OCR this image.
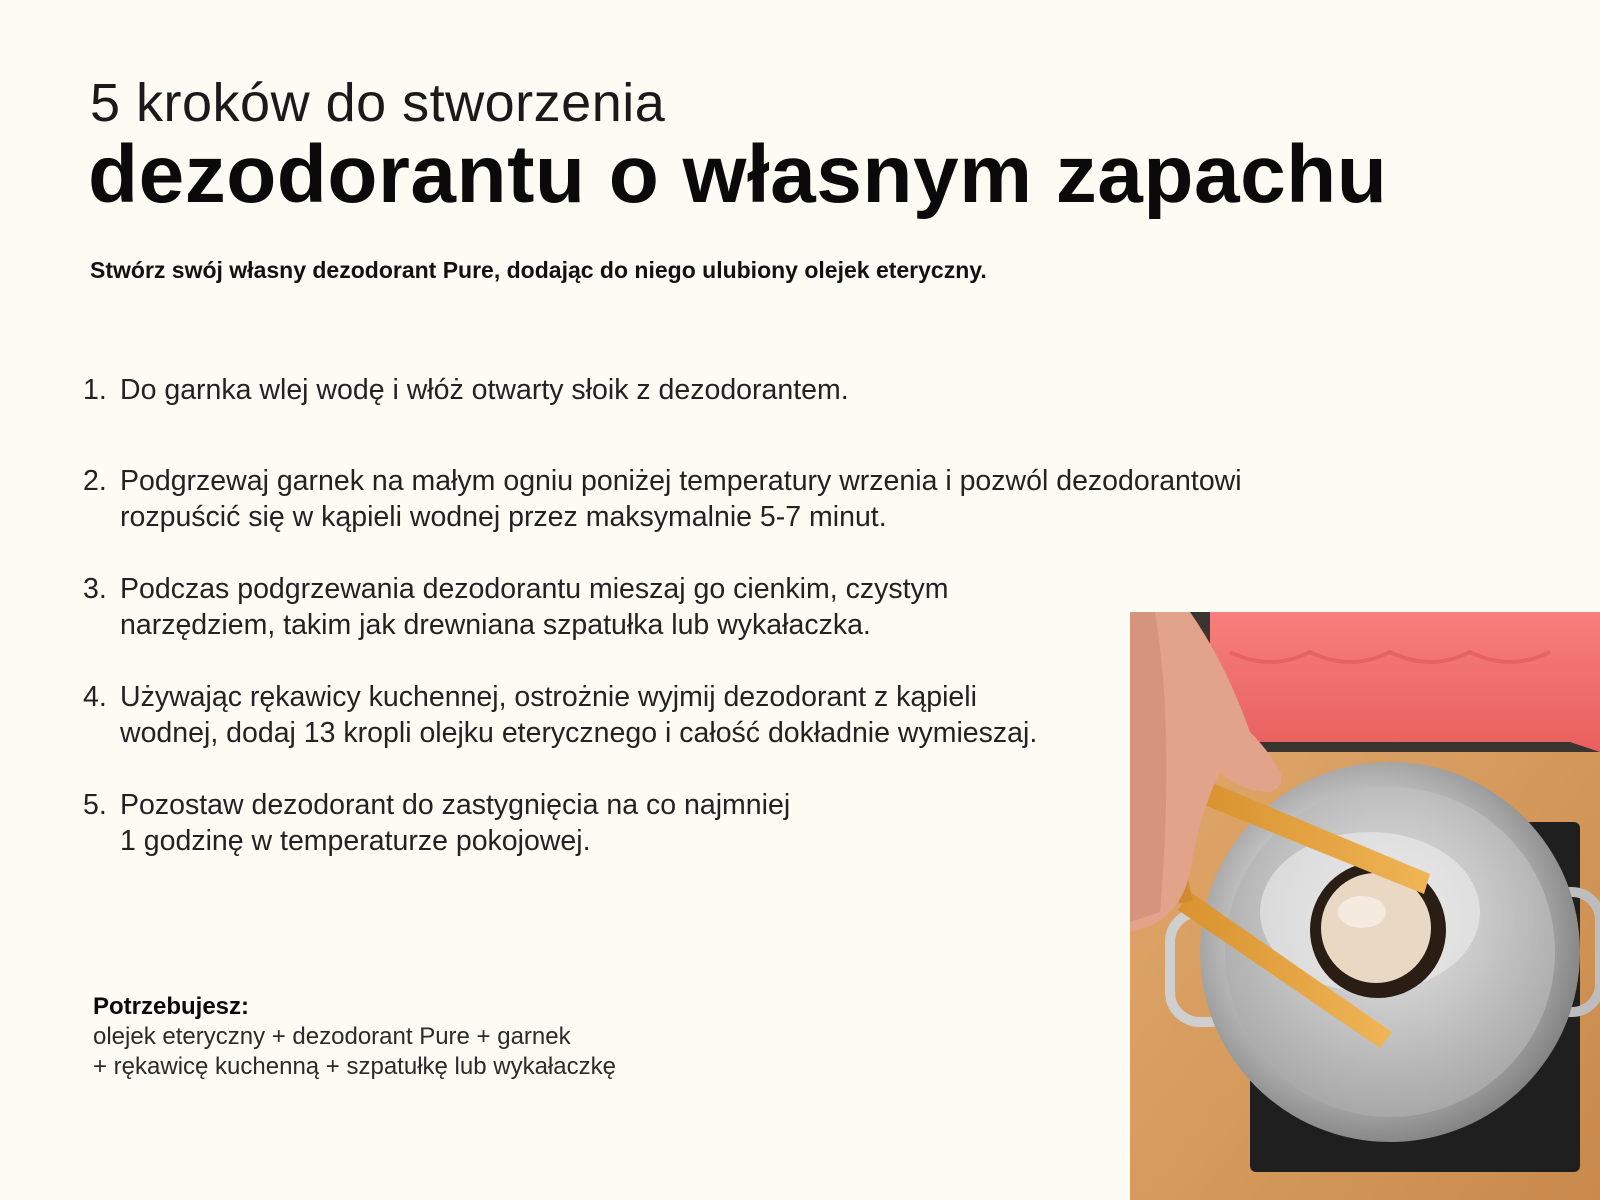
5 kroków do stworzenia
dezodorantu o własnym zapachu

Stwórz swój własny dezodorant Pure, dodając do niego ulubiony olejek eteryczny.

1. Do garnka wlej wodę i włóż otwarty słoik z dezodorantem.
2. Podgrzewaj garnek na małym ogniu poniżej temperatury wrzenia i pozwól dezodorantowi
rozpuścić się w kąpieli wodnej przez maksymalnie 5-7 minut.
3. Podczas podgrzewania dezodorantu mieszaj go cienkim, czystym
narzędziem, takim jak drewniana szpatułka lub wykałaczka.
4. Używając rękawicy kuchennej, ostrożnie wyjmij dezodorant z kąpieli
wodnej, dodaj 13 kropli olejku eterycznego i całość dokładnie wymieszaj.
5. Pozostaw dezodorant do zastygnięcia na co najmniej
1 godzinę w temperaturze pokojowej.
Potrzebujesz:
olejek eteryczny + dezodorant Pure + garnek
+ rękawicę kuchenną + szpatułkę lub wykałaczkę
